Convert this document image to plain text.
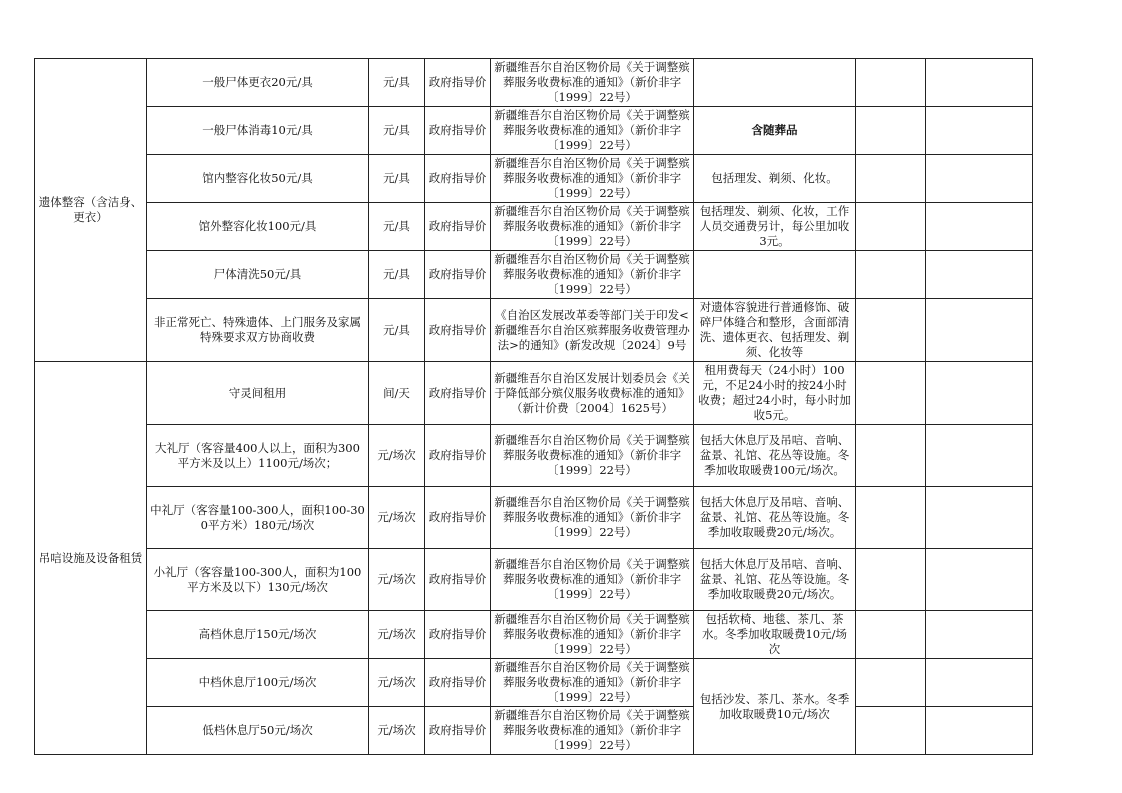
遗体整容（含洁身、更衣）	一般尸体更衣20元/具	元/具	政府指导价	新疆维吾尔自治区物价局《关于调整殡葬服务收费标准的通知》（新价非字〔1999〕22号）			
	一般尸体消毒10元/具	元/具	政府指导价	新疆维吾尔自治区物价局《关于调整殡葬服务收费标准的通知》（新价非字〔1999〕22号）	含随葬品		
	馆内整容化妆50元/具	元/具	政府指导价	新疆维吾尔自治区物价局《关于调整殡葬服务收费标准的通知》（新价非字〔1999〕22号）	包括理发、剃须、化妆。		
	馆外整容化妆100元/具	元/具	政府指导价	新疆维吾尔自治区物价局《关于调整殡葬服务收费标准的通知》（新价非字〔1999〕22号）	包括理发、剃须、化妆，工作人员交通费另计，每公里加收3元。		
	尸体清洗50元/具	元/具	政府指导价	新疆维吾尔自治区物价局《关于调整殡葬服务收费标准的通知》（新价非字〔1999〕22号）			
	非正常死亡、特殊遗体、上门服务及家属特殊要求双方协商收费	元/具	政府指导价	《自治区发展改革委等部门关于印发<新疆维吾尔自治区殡葬服务收费管理办法>的通知》(新发改规〔2024〕9号	对遗体容貌进行普通修饰、破碎尸体缝合和整形，含面部清洗、遗体更衣、包括理发、剃须、化妆等		
吊唁设施及设备租赁	守灵间租用	间/天	政府指导价	新疆维吾尔自治区发展计划委员会《关于降低部分殡仪服务收费标准的通知》（新计价费〔2004〕1625号）	租用费每天（24小时）100元，不足24小时的按24小时收费；超过24小时，每小时加收5元。		
	大礼厅（客容量400人以上，面积为300平方米及以上）1100元/场次；	元/场次	政府指导价	新疆维吾尔自治区物价局《关于调整殡葬服务收费标准的通知》（新价非字〔1999〕22号）	包括大休息厅及吊唁、音响、盆景、礼馆、花丛等设施。冬季加收取暖费100元/场次。		
	中礼厅（客容量100-300人，面积100-300平方米）180元/场次	元/场次	政府指导价	新疆维吾尔自治区物价局《关于调整殡葬服务收费标准的通知》（新价非字〔1999〕22号）	包括大休息厅及吊唁、音响、盆景、礼馆、花丛等设施。冬季加收取暖费20元/场次。		
	小礼厅（客容量100-300人，面积为100平方米及以下）130元/场次	元/场次	政府指导价	新疆维吾尔自治区物价局《关于调整殡葬服务收费标准的通知》（新价非字〔1999〕22号）	包括大休息厅及吊唁、音响、盆景、礼馆、花丛等设施。冬季加收取暖费20元/场次。		
	高档休息厅150元/场次	元/场次	政府指导价	新疆维吾尔自治区物价局《关于调整殡葬服务收费标准的通知》（新价非字〔1999〕22号）	包括软椅、地毯、茶几、茶水。冬季加收取暖费10元/场次		
	中档休息厅100元/场次	元/场次	政府指导价	新疆维吾尔自治区物价局《关于调整殡葬服务收费标准的通知》（新价非字〔1999〕22号）	包括沙发、茶几、茶水。冬季加收取暖费10元/场次		
	低档休息厅50元/场次	元/场次	政府指导价	新疆维吾尔自治区物价局《关于调整殡葬服务收费标准的通知》（新价非字〔1999〕22号）			
